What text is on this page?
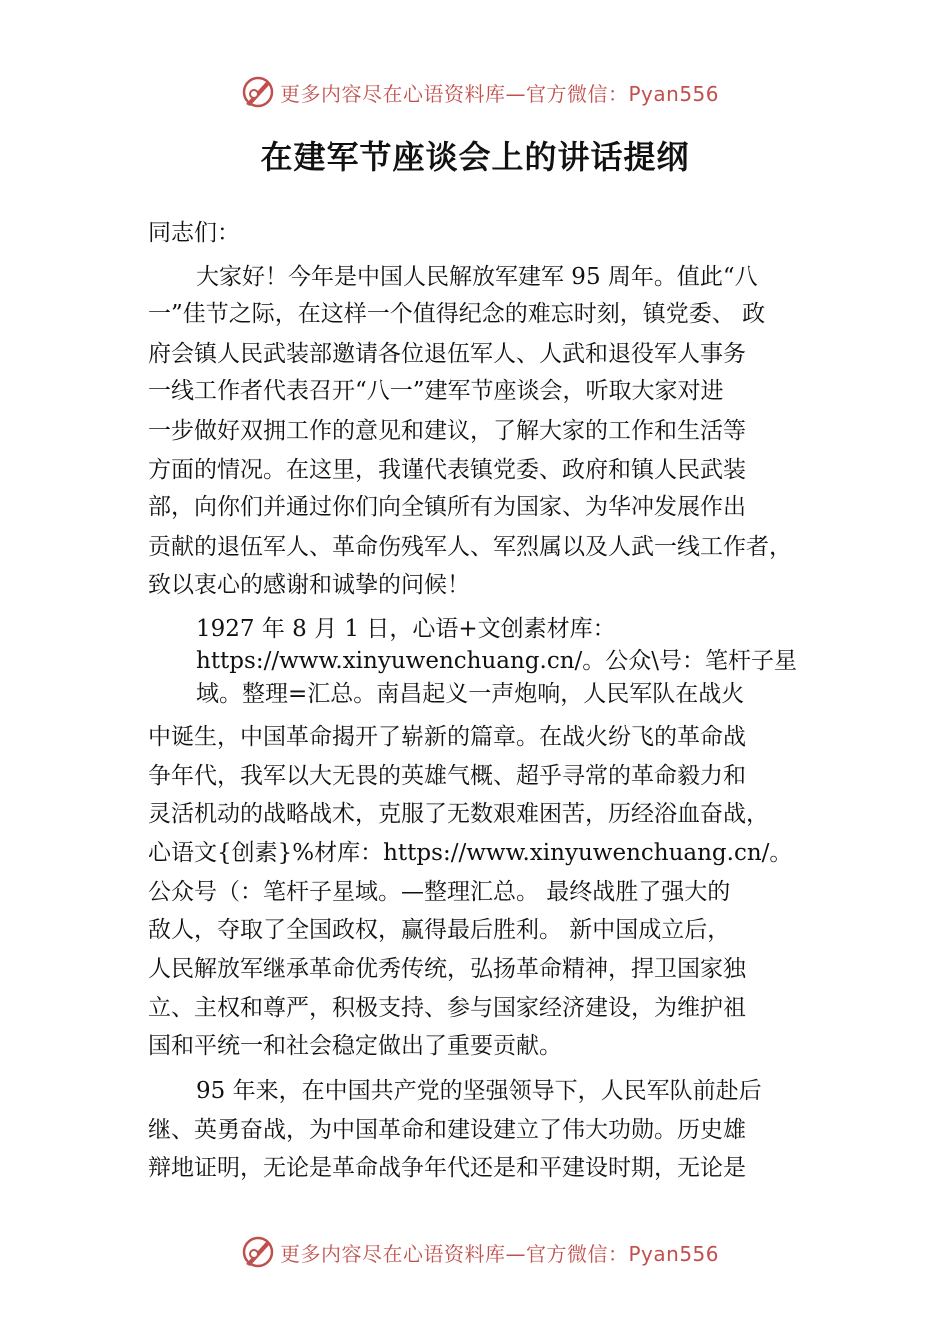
更多内容尽在心语资料库—官方微信：Pyan556
在建军节座谈会上的讲话提纲
同志们：
大家好！今年是中国人民解放军建军 95 周年。值此“八
一”佳节之际，在这样一个值得纪念的难忘时刻，镇党委、 政
府会镇人民武装部邀请各位退伍军人、人武和退役军人事务
一线工作者代表召开“八一”建军节座谈会，听取大家对进
一步做好双拥工作的意见和建议，了解大家的工作和生活等
方面的情况。在这里，我谨代表镇党委、政府和镇人民武装
部，向你们并通过你们向全镇所有为国家、为华冲发展作出
贡献的退伍军人、革命伤残军人、军烈属以及人武一线工作者，
致以衷心的感谢和诚挚的问候！
1927 年 8 月 1 日，心语+文创素材库：
https://www.xinyuwenchuang.cn/。公众\号：笔杆子星
域。整理=汇总。南昌起义一声炮响，人民军队在战火
中诞生，中国革命揭开了崭新的篇章。在战火纷飞的革命战
争年代，我军以大无畏的英雄气概、超乎寻常的革命毅力和
灵活机动的战略战术，克服了无数艰难困苦，历经浴血奋战，
心语文{创素}%材库：https://www.xinyuwenchuang.cn/。
公众号（：笔杆子星域。—整理汇总。 最终战胜了强大的
敌人，夺取了全国政权，赢得最后胜利。 新中国成立后，
人民解放军继承革命优秀传统，弘扬革命精神，捍卫国家独
立、主权和尊严，积极支持、参与国家经济建设，为维护祖
国和平统一和社会稳定做出了重要贡献。
95 年来，在中国共产党的坚强领导下，人民军队前赴后
继、英勇奋战，为中国革命和建设建立了伟大功勋。历史雄
辩地证明，无论是革命战争年代还是和平建设时期，无论是
更多内容尽在心语资料库—官方微信：Pyan556
